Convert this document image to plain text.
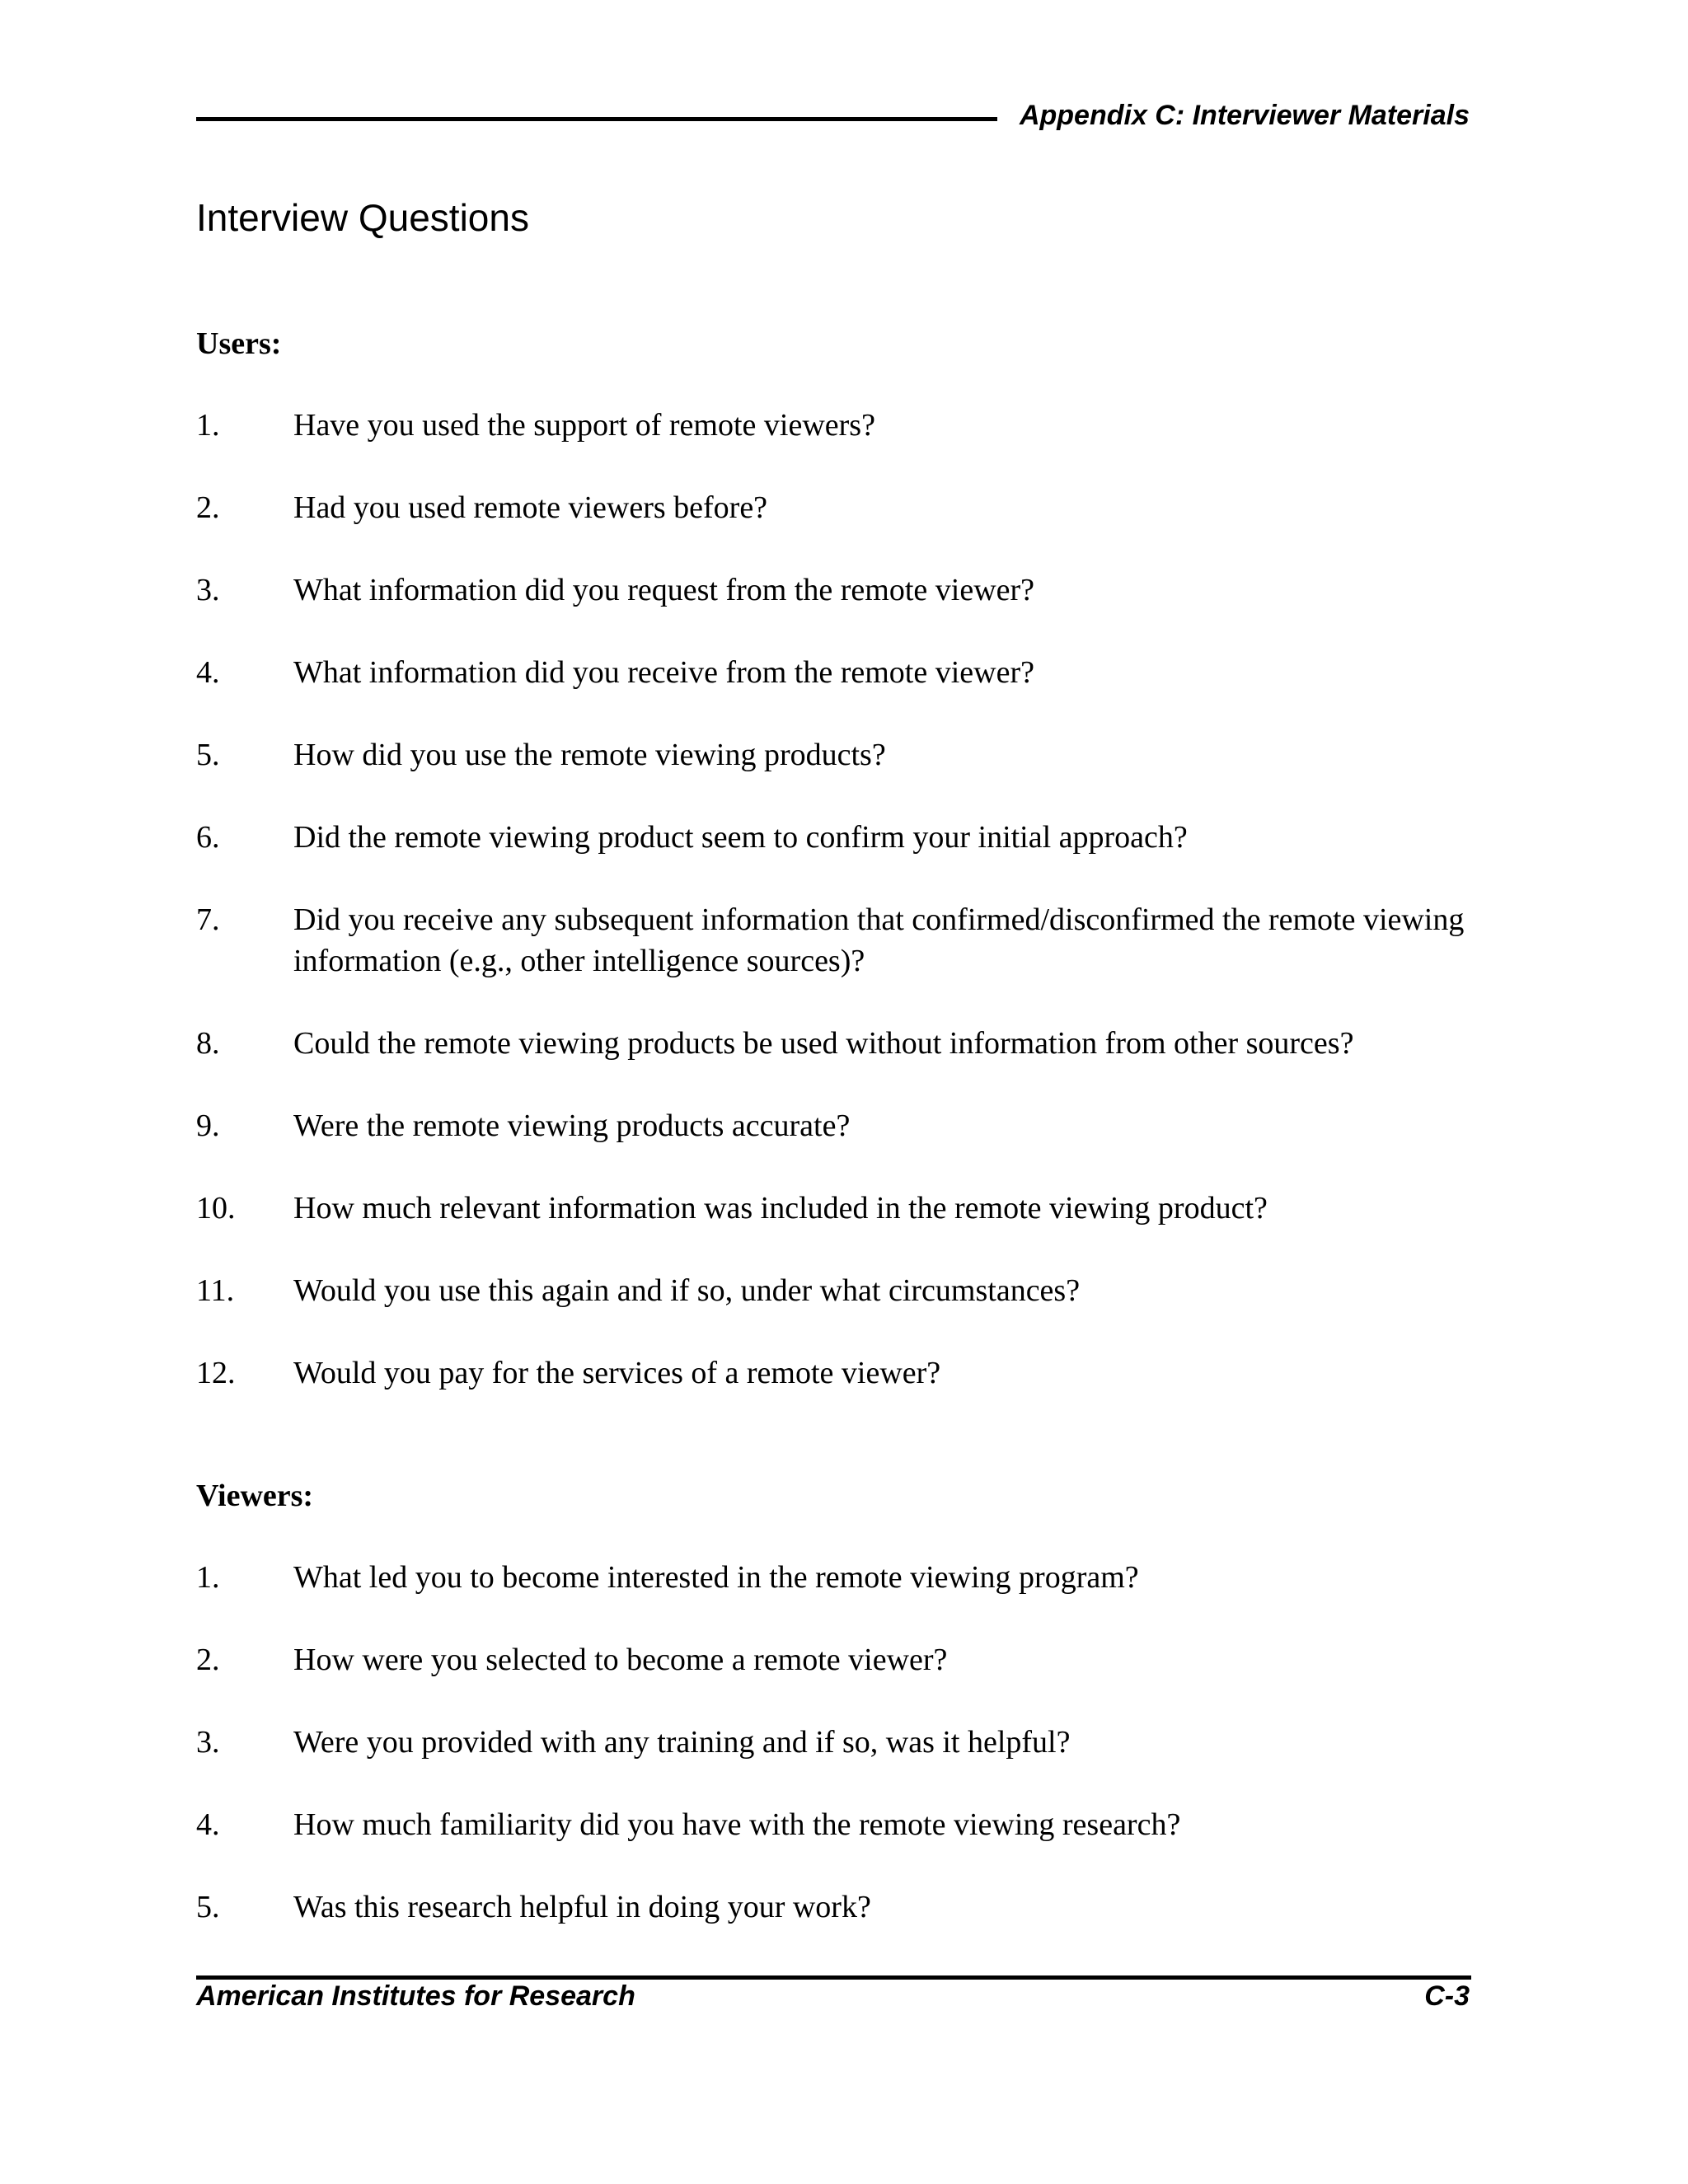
Appendix C: Interviewer Materials
Interview Questions
Users:
1. Have you used the support of remote viewers?
2. Had you used remote viewers before?
3. What information did you request from the remote viewer?
4. What information did you receive from the remote viewer?
5. How did you use the remote viewing products?
6. Did the remote viewing product seem to confirm your initial approach?
7. Did you receive any subsequent information that confirmed/disconfirmed the remote viewing information (e.g., other intelligence sources)?
8. Could the remote viewing products be used without information from other sources?
9. Were the remote viewing products accurate?
10. How much relevant information was included in the remote viewing product?
11. Would you use this again and if so, under what circumstances?
12. Would you pay for the services of a remote viewer?
Viewers:
1. What led you to become interested in the remote viewing program?
2. How were you selected to become a remote viewer?
3. Were you provided with any training and if so, was it helpful?
4. How much familiarity did you have with the remote viewing research?
5. Was this research helpful in doing your work?
American Institutes for Research	C-3
